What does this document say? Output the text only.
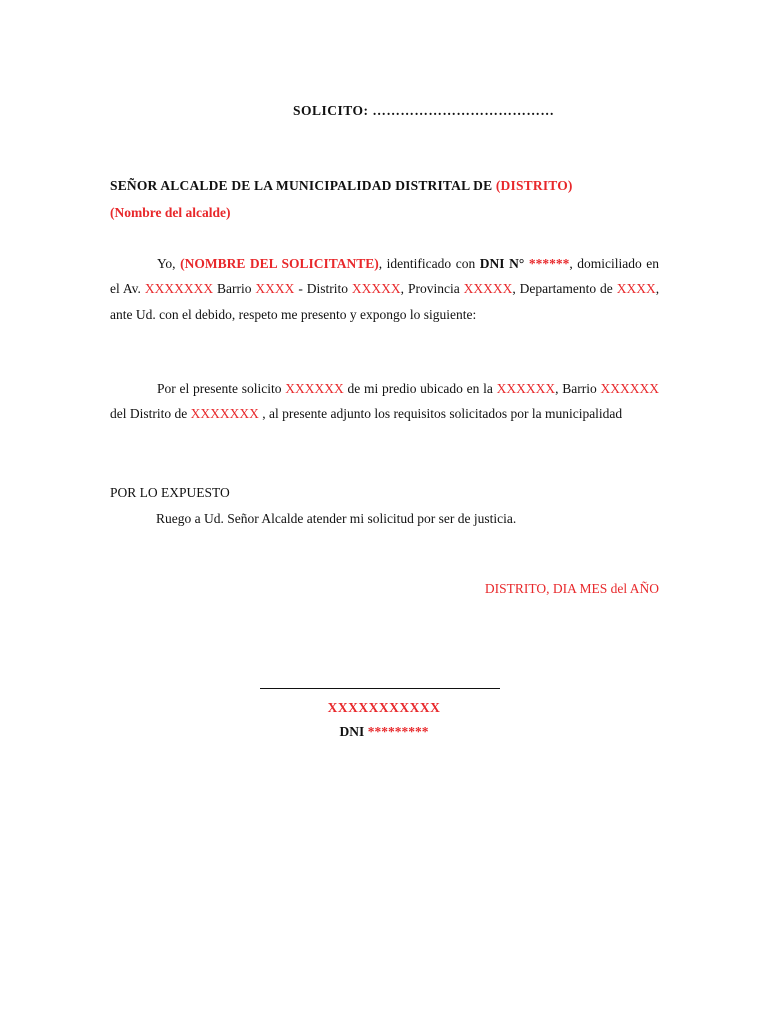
SOLICITO: …………………………………
SEÑOR ALCALDE DE LA MUNICIPALIDAD DISTRITAL DE (DISTRITO)
(Nombre del alcalde)
Yo, (NOMBRE DEL SOLICITANTE), identificado con DNI N° ******, domiciliado en el Av. XXXXXXX Barrio XXXX - Distrito XXXXX, Provincia XXXXX, Departamento de XXXX, ante Ud. con el debido, respeto me presento y expongo lo siguiente:
Por el presente solicito XXXXXX de mi predio ubicado en la XXXXXX, Barrio XXXXXX del Distrito de XXXXXXX , al presente adjunto los requisitos solicitados por la municipalidad
POR LO EXPUESTO
Ruego a Ud. Señor Alcalde atender mi solicitud por ser de justicia.
DISTRITO, DIA MES del AÑO
XXXXXXXXXXX
DNI *********
